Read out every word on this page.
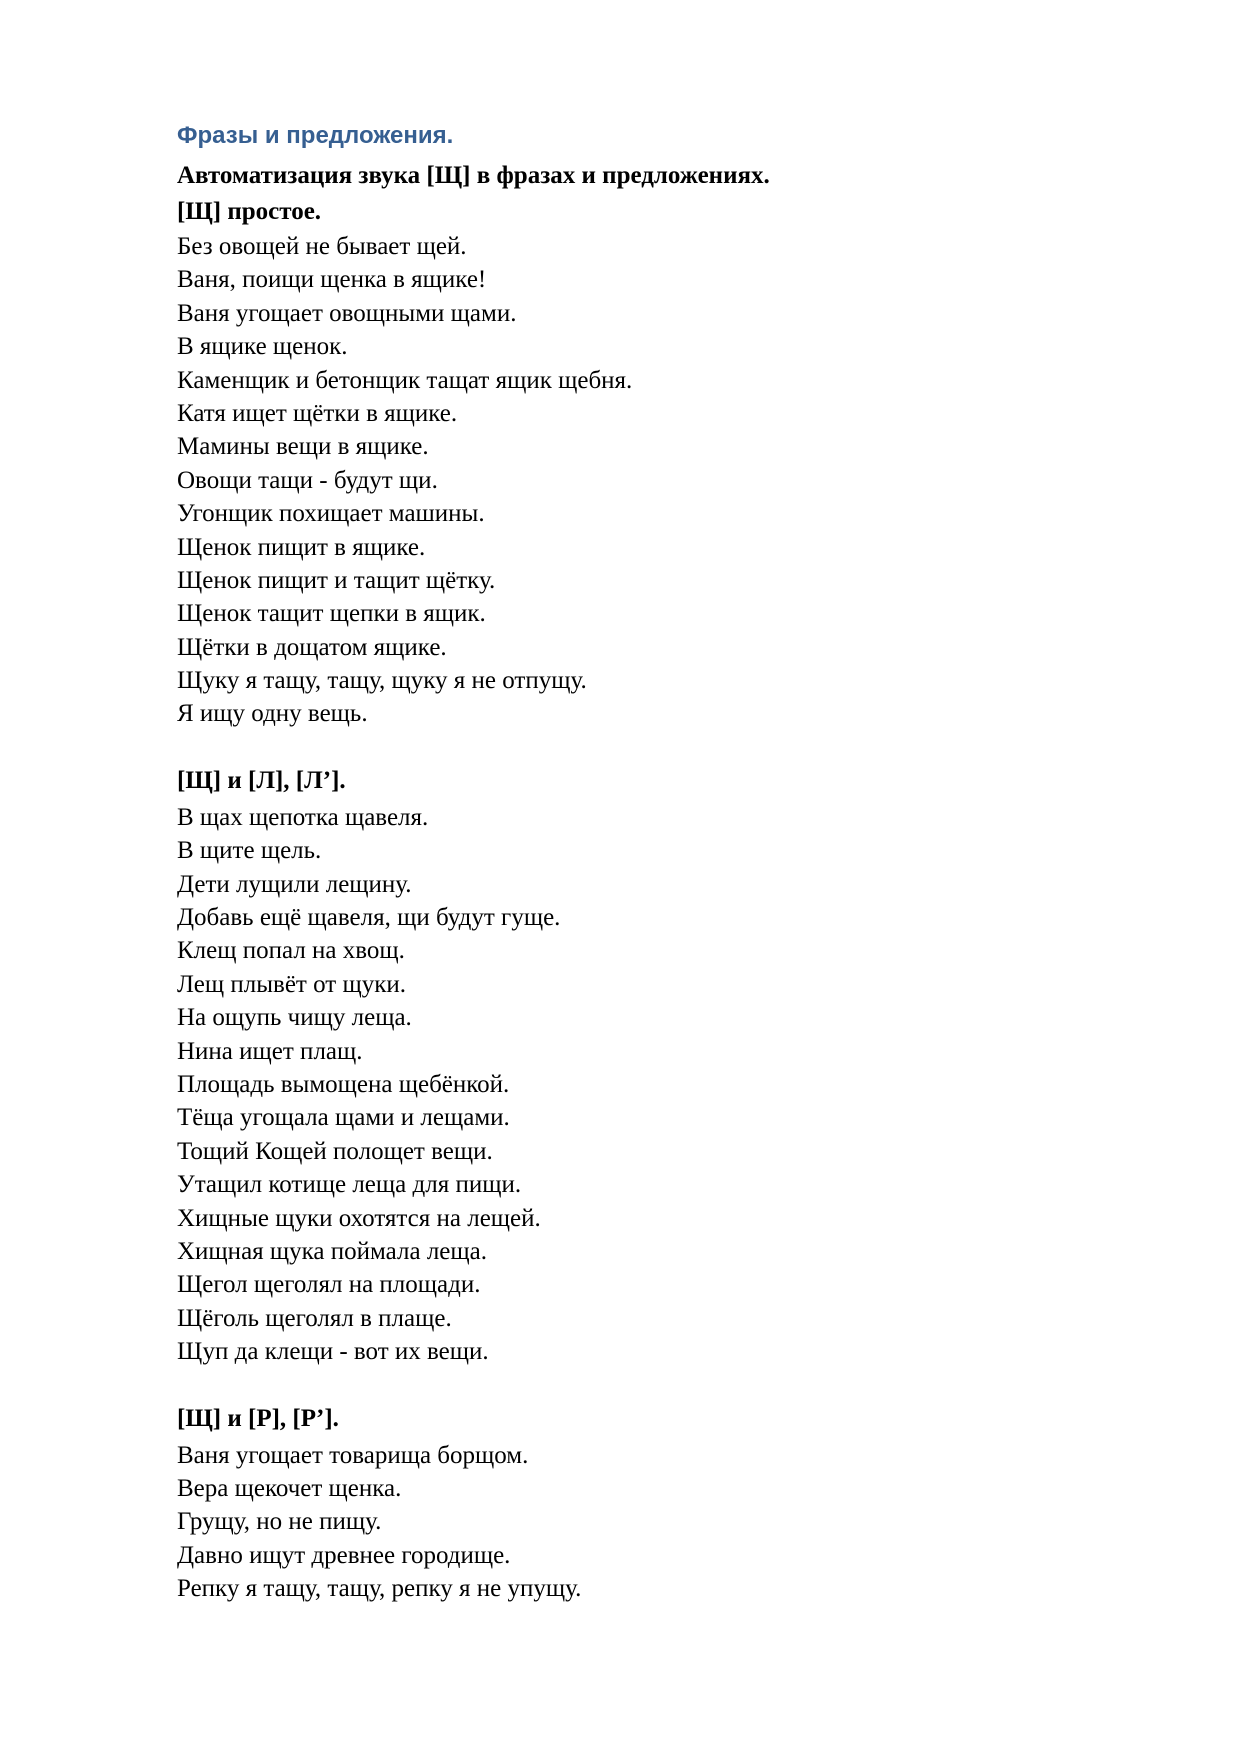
Фразы и предложения.
Автоматизация звука [Щ] в фразах и предложениях.
[Щ] простое.
Без овощей не бывает щей.
Ваня, поищи щенка в ящике!
Ваня угощает овощными щами.
В ящике щенок.
Каменщик и бетонщик тащат ящик щебня.
Катя ищет щётки в ящике.
Мамины вещи в ящике.
Овощи тащи - будут щи.
Угонщик похищает машины.
Щенок пищит в ящике.
Щенок пищит и тащит щётку.
Щенок тащит щепки в ящик.
Щётки в дощатом ящике.
Щуку я тащу, тащу, щуку я не отпущу.
Я ищу одну вещь.
[Щ] и [Л], [Л’].
В щах щепотка щавеля.
В щите щель.
Дети лущили лещину.
Добавь ещё щавеля, щи будут гуще.
Клещ попал на хвощ.
Лещ плывёт от щуки.
На ощупь чищу леща.
Нина ищет плащ.
Площадь вымощена щебёнкой.
Тёща угощала щами и лещами.
Тощий Кощей полощет вещи.
Утащил котище леща для пищи.
Хищные щуки охотятся на лещей.
Хищная щука поймала леща.
Щегол щеголял на площади.
Щёголь щеголял в плаще.
Щуп да клещи - вот их вещи.
[Щ] и [Р], [Р’].
Ваня угощает товарища борщом.
Вера щекочет щенка.
Грущу, но не пищу.
Давно ищут древнее городище.
Репку я тащу, тащу, репку я не упущу.
